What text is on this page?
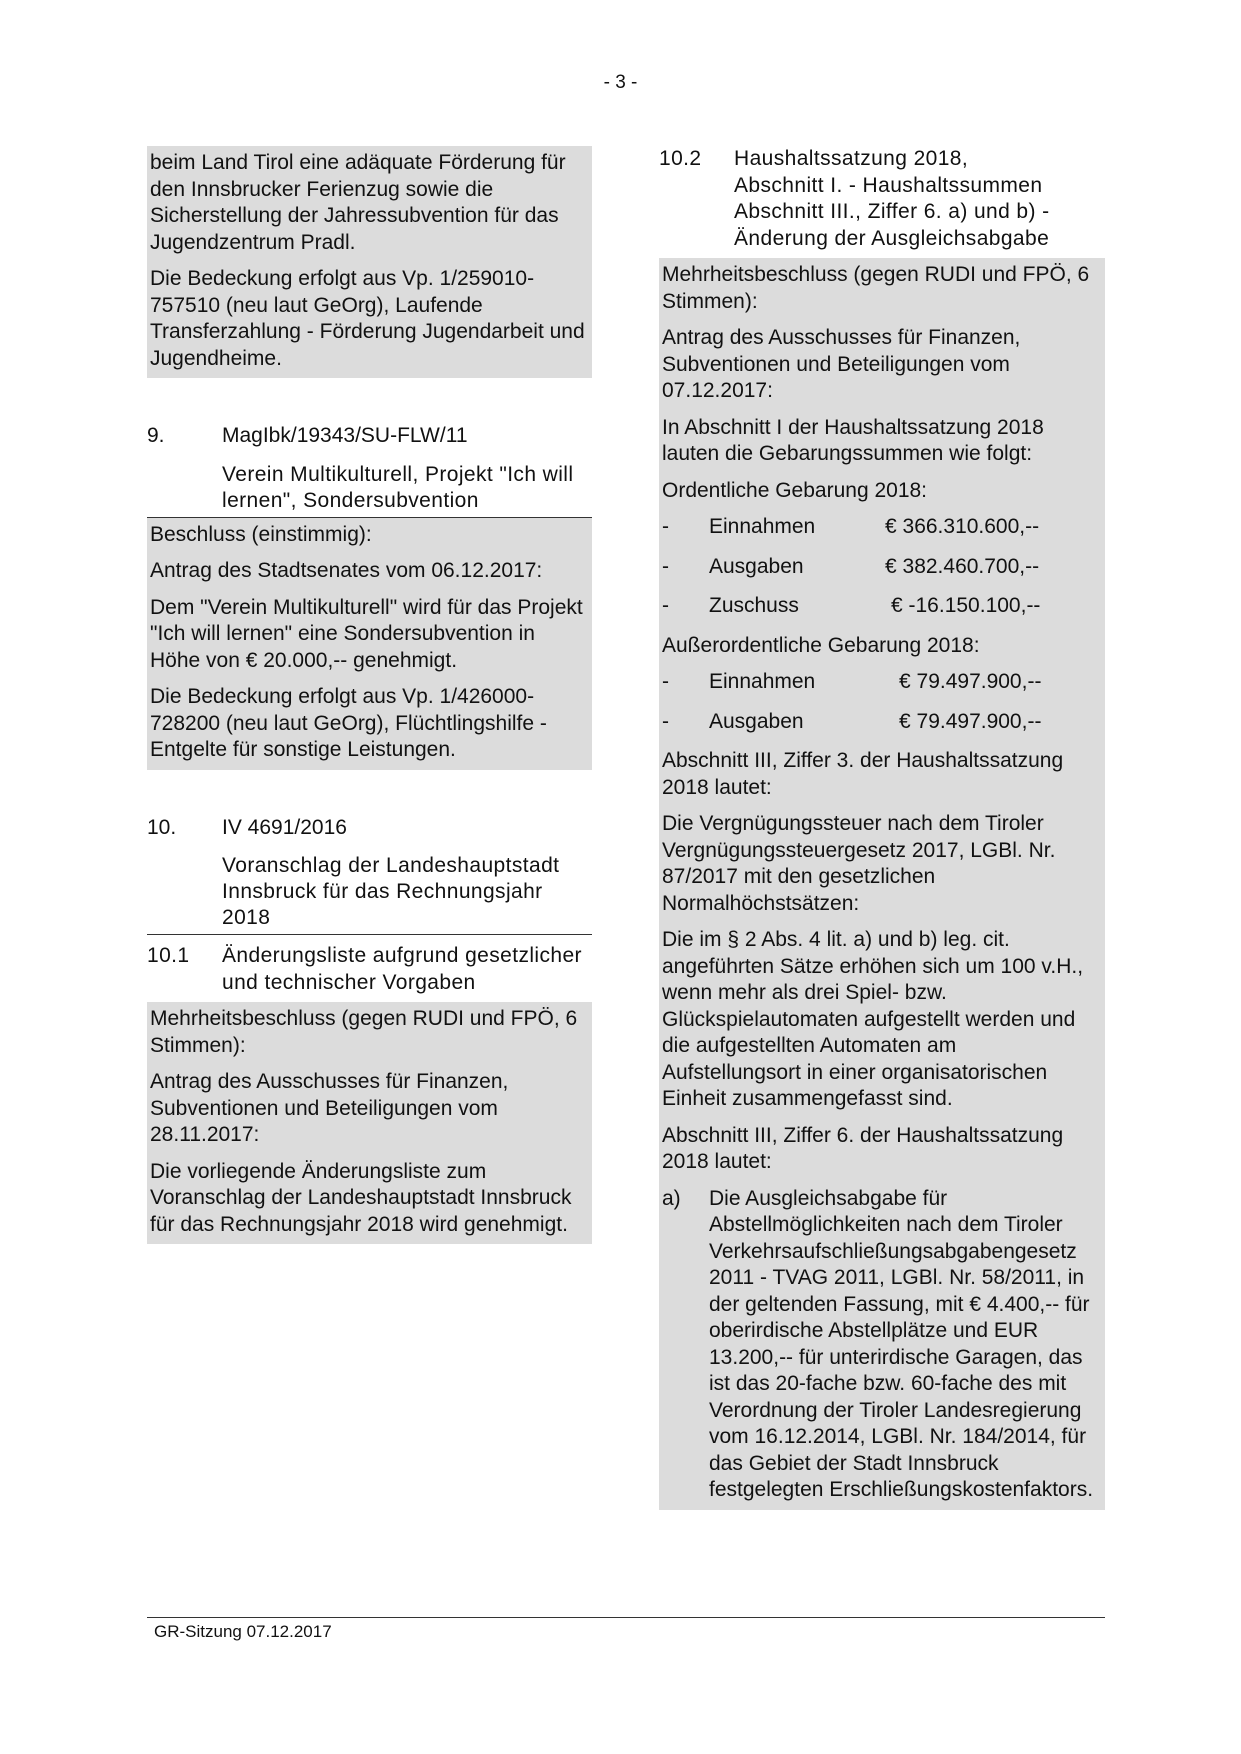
- 3 -

beim Land Tirol eine adäquate Förderung für den Innsbrucker Ferienzug sowie die Sicherstellung der Jahressubvention für das Jugendzentrum Pradl.

Die Bedeckung erfolgt aus Vp. 1/259010-757510 (neu laut GeOrg), Laufende Transferzahlung - Förderung Jugendarbeit und Jugendheime.

9.	MagIbk/19343/SU-FLW/11
Verein Multikulturell, Projekt "Ich will lernen", Sondersubvention

Beschluss (einstimmig):

Antrag des Stadtsenates vom 06.12.2017:

Dem "Verein Multikulturell" wird für das Projekt "Ich will lernen" eine Sondersubvention in Höhe von € 20.000,-- genehmigt.

Die Bedeckung erfolgt aus Vp. 1/426000-728200 (neu laut GeOrg), Flüchtlingshilfe - Entgelte für sonstige Leistungen.

10.	IV 4691/2016
Voranschlag der Landeshauptstadt Innsbruck für das Rechnungsjahr 2018
10.1	Änderungsliste aufgrund gesetzlicher und technischer Vorgaben

Mehrheitsbeschluss (gegen RUDI und FPÖ, 6 Stimmen):

Antrag des Ausschusses für Finanzen, Subventionen und Beteiligungen vom 28.11.2017:

Die vorliegende Änderungsliste zum Voranschlag der Landeshauptstadt Innsbruck für das Rechnungsjahr 2018 wird genehmigt.

10.2	Haushaltssatzung 2018,
Abschnitt I. - Haushaltssummen
Abschnitt III., Ziffer 6. a) und b) -
Änderung der Ausgleichsabgabe

Mehrheitsbeschluss (gegen RUDI und FPÖ, 6 Stimmen):

Antrag des Ausschusses für Finanzen, Subventionen und Beteiligungen vom 07.12.2017:

In Abschnitt I der Haushaltssatzung 2018 lauten die Gebarungssummen wie folgt:

Ordentliche Gebarung 2018:

-	Einnahmen	€ 366.310.600,--
-	Ausgaben	€ 382.460.700,--
-	Zuschuss	€ -16.150.100,--

Außerordentliche Gebarung 2018:

-	Einnahmen	€ 79.497.900,--
-	Ausgaben	€ 79.497.900,--

Abschnitt III, Ziffer 3. der Haushaltssatzung 2018 lautet:

Die Vergnügungssteuer nach dem Tiroler Vergnügungssteuergesetz 2017, LGBl. Nr. 87/2017 mit den gesetzlichen Normalhöchstsätzen:

Die im § 2 Abs. 4 lit. a) und b) leg. cit. angeführten Sätze erhöhen sich um 100 v.H., wenn mehr als drei Spiel- bzw. Glückspielautomaten aufgestellt werden und die aufgestellten Automaten am Aufstellungsort in einer organisatorischen Einheit zusammengefasst sind.

Abschnitt III, Ziffer 6. der Haushaltssatzung 2018 lautet:

a)	Die Ausgleichsabgabe für Abstellmöglichkeiten nach dem Tiroler Verkehrsaufschließungsabgabengesetz 2011 - TVAG 2011, LGBl. Nr. 58/2011, in der geltenden Fassung, mit € 4.400,-- für oberirdische Abstellplätze und EUR 13.200,-- für unterirdische Garagen, das ist das 20-fache bzw. 60-fache des mit Verordnung der Tiroler Landesregierung vom 16.12.2014, LGBl. Nr. 184/2014, für das Gebiet der Stadt Innsbruck festgelegten Erschließungskostenfaktors.
GR-Sitzung 07.12.2017
